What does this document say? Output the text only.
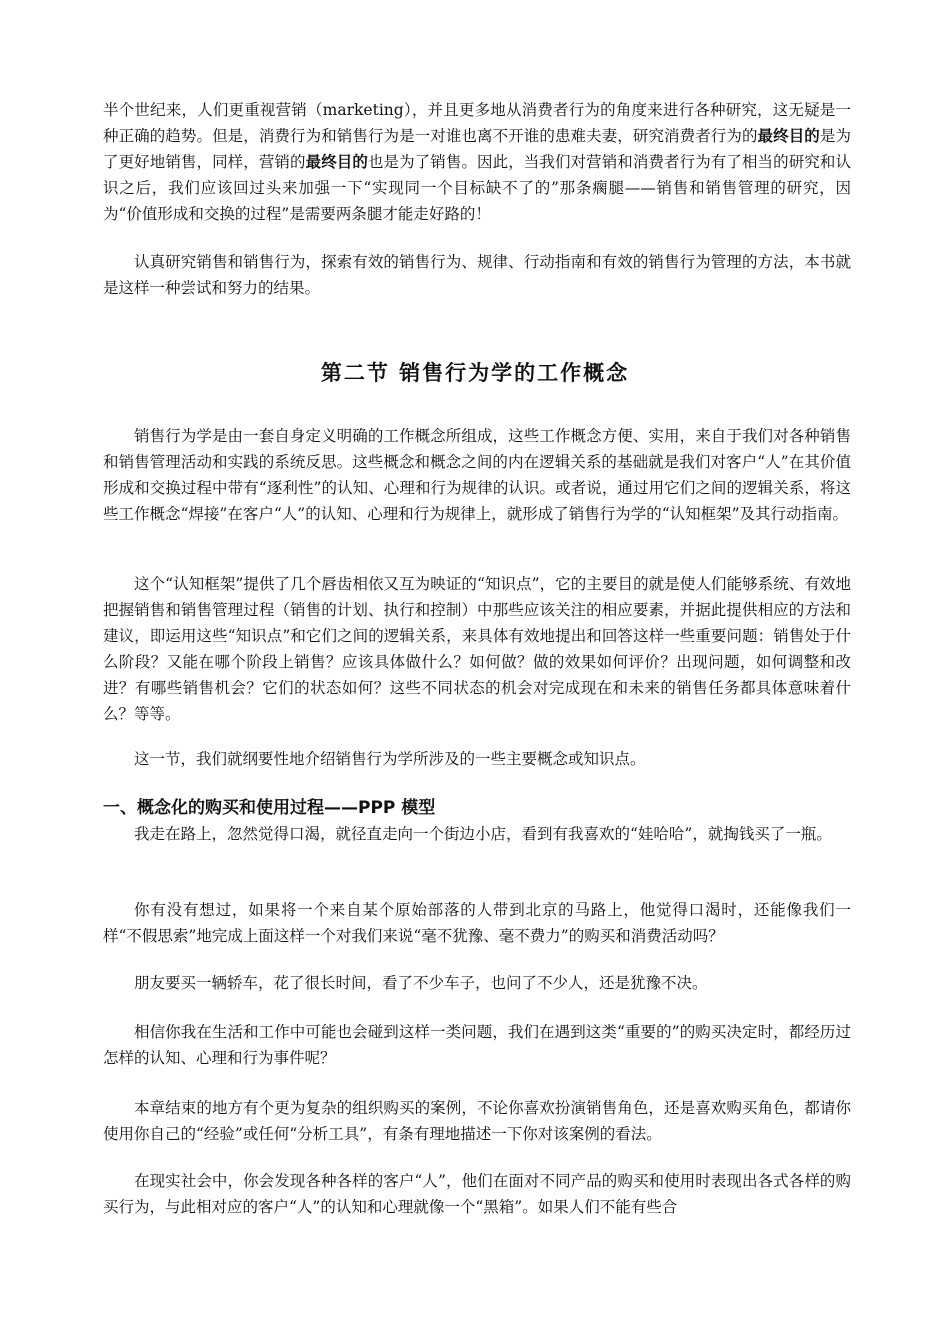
半个世纪来，人们更重视营销（marketing），并且更多地从消费者行为的角度来进行各种研究，这无疑是一种正确的趋势。但是，消费行为和销售行为是一对谁也离不开谁的患难夫妻，研究消费者行为的最终目的是为了更好地销售，同样，营销的最终目的也是为了销售。因此，当我们对营销和消费者行为有了相当的研究和认识之后，我们应该回过头来加强一下“实现同一个目标缺不了的”那条瘸腿——销售和销售管理的研究，因为“价值形成和交换的过程”是需要两条腿才能走好路的！

认真研究销售和销售行为，探索有效的销售行为、规律、行动指南和有效的销售行为管理的方法，本书就是这样一种尝试和努力的结果。

第二节 销售行为学的工作概念

销售行为学是由一套自身定义明确的工作概念所组成，这些工作概念方便、实用，来自于我们对各种销售和销售管理活动和实践的系统反思。这些概念和概念之间的内在逻辑关系的基础就是我们对客户“人”在其价值形成和交换过程中带有“逐利性”的认知、心理和行为规律的认识。或者说，通过用它们之间的逻辑关系，将这些工作概念“焊接”在客户“人”的认知、心理和行为规律上，就形成了销售行为学的“认知框架”及其行动指南。

这个“认知框架”提供了几个唇齿相依又互为映证的“知识点”，它的主要目的就是使人们能够系统、有效地把握销售和销售管理过程（销售的计划、执行和控制）中那些应该关注的相应要素，并据此提供相应的方法和建议，即运用这些“知识点”和它们之间的逻辑关系，来具体有效地提出和回答这样一些重要问题：销售处于什么阶段？又能在哪个阶段上销售？应该具体做什么？如何做？做的效果如何评价？出现问题，如何调整和改进？有哪些销售机会？它们的状态如何？这些不同状态的机会对完成现在和未来的销售任务都具体意味着什么？等等。

这一节，我们就纲要性地介绍销售行为学所涉及的一些主要概念或知识点。

一、概念化的购买和使用过程——PPP 模型

我走在路上，忽然觉得口渴，就径直走向一个街边小店，看到有我喜欢的“娃哈哈”，就掏钱买了一瓶。

你有没有想过，如果将一个来自某个原始部落的人带到北京的马路上，他觉得口渴时，还能像我们一样“不假思索”地完成上面这样一个对我们来说“毫不犹豫、毫不费力”的购买和消费活动吗？

朋友要买一辆轿车，花了很长时间，看了不少车子，也问了不少人，还是犹豫不决。

相信你我在生活和工作中可能也会碰到这样一类问题，我们在遇到这类“重要的”的购买决定时，都经历过怎样的认知、心理和行为事件呢？

本章结束的地方有个更为复杂的组织购买的案例，不论你喜欢扮演销售角色，还是喜欢购买角色，都请你使用你自己的“经验”或任何“分析工具”，有条有理地描述一下你对该案例的看法。

在现实社会中，你会发现各种各样的客户“人”，他们在面对不同产品的购买和使用时表现出各式各样的购买行为，与此相对应的客户“人”的认知和心理就像一个“黑箱”。如果人们不能有些合
